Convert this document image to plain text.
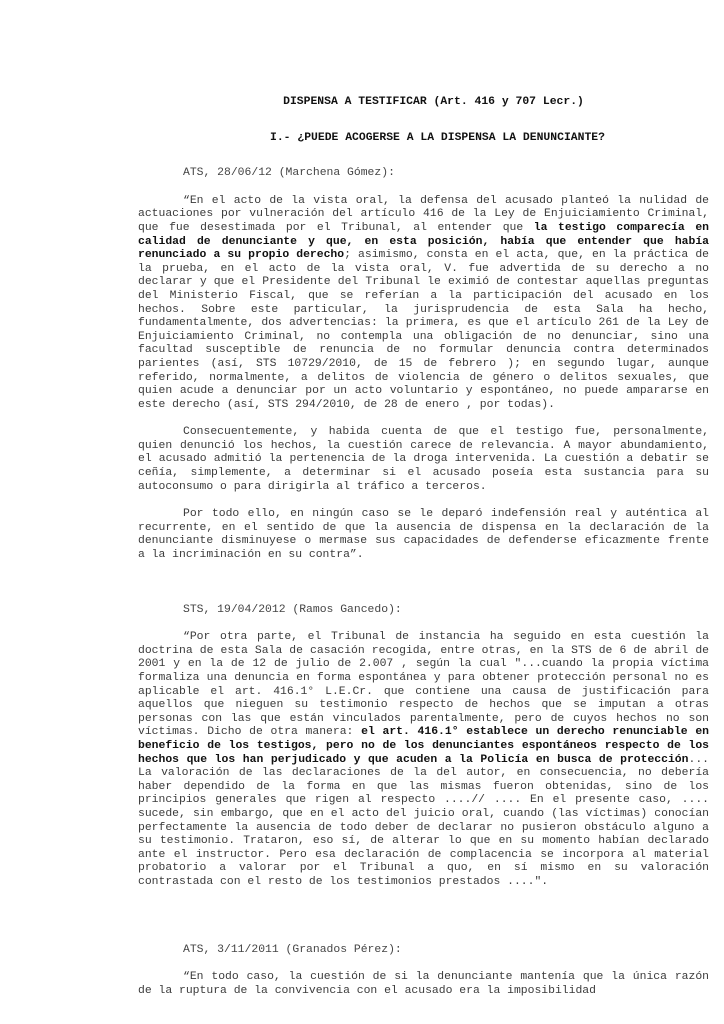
DISPENSA A TESTIFICAR (Art. 416 y 707 Lecr.)
I.- ¿PUEDE ACOGERSE A LA DISPENSA LA DENUNCIANTE?
ATS, 28/06/12 (Marchena Gómez):

“En el acto de la vista oral, la defensa del acusado planteó la nulidad de actuaciones por vulneración del artículo 416 de la Ley de Enjuiciamiento Criminal, que fue desestimada por el Tribunal, al entender que la testigo comparecía en calidad de denunciante y que, en esta posición, había que entender que había renunciado a su propio derecho; asimismo, consta en el acta, que, en la práctica de la prueba, en el acto de la vista oral, V. fue advertida de su derecho a no declarar y que el Presidente del Tribunal le eximió de contestar aquellas preguntas del Ministerio Fiscal, que se referían a la participación del acusado en los hechos. Sobre este particular, la jurisprudencia de esta Sala ha hecho, fundamentalmente, dos advertencias: la primera, es que el artículo 261 de la Ley de Enjuiciamiento Criminal, no contempla una obligación de no denunciar, sino una facultad susceptible de renuncia de no formular denuncia contra determinados parientes (así, STS 10729/2010, de 15 de febrero ); en segundo lugar, aunque referido, normalmente, a delitos de violencia de género o delitos sexuales, que quien acude a denunciar por un acto voluntario y espontáneo, no puede ampararse en este derecho (así, STS 294/2010, de 28 de enero , por todas).

Consecuentemente, y habida cuenta de que el testigo fue, personalmente, quien denunció los hechos, la cuestión carece de relevancia. A mayor abundamiento, el acusado admitió la pertenencia de la droga intervenida. La cuestión a debatir se ceñía, simplemente, a determinar si el acusado poseía esta sustancia para su autoconsumo o para dirigirla al tráfico a terceros.

Por todo ello, en ningún caso se le deparó indefensión real y auténtica al recurrente, en el sentido de que la ausencia de dispensa en la declaración de la denunciante disminuyese o mermase sus capacidades de defenderse eficazmente frente a la incriminación en su contra”.

STS, 19/04/2012 (Ramos Gancedo):

“Por otra parte, el Tribunal de instancia ha seguido en esta cuestión la doctrina de esta Sala de casación recogida, entre otras, en la STS de 6 de abril de 2001 y en la de 12 de julio de 2.007 , según la cual "...cuando la propia víctima formaliza una denuncia en forma espontánea y para obtener protección personal no es aplicable el art. 416.1° L.E.Cr. que contiene una causa de justificación para aquellos que nieguen su testimonio respecto de hechos que se imputan a otras personas con las que están vinculados parentalmente, pero de cuyos hechos no son víctimas. Dicho de otra manera: el art. 416.1° establece un derecho renunciable en beneficio de los testigos, pero no de los denunciantes espontáneos respecto de los hechos que los han perjudicado y que acuden a la Policía en busca de protección... La valoración de las declaraciones de la del autor, en consecuencia, no debería haber dependido de la forma en que las mismas fueron obtenidas, sino de los principios generales que rigen al respecto ....// .... En el presente caso, .... sucede, sin embargo, que en el acto del juicio oral, cuando (las víctimas) conocían perfectamente la ausencia de todo deber de declarar no pusieron obstáculo alguno a su testimonio. Trataron, eso sí, de alterar lo que en su momento habían declarado ante el instructor. Pero esa declaración de complacencia se incorpora al material probatorio a valorar por el Tribunal a quo, en sí mismo en su valoración contrastada con el resto de los testimonios prestados ....".

ATS, 3/11/2011 (Granados Pérez):

“En todo caso, la cuestión de si la denunciante mantenía que la única razón de la ruptura de la convivencia con el acusado era la imposibilidad
